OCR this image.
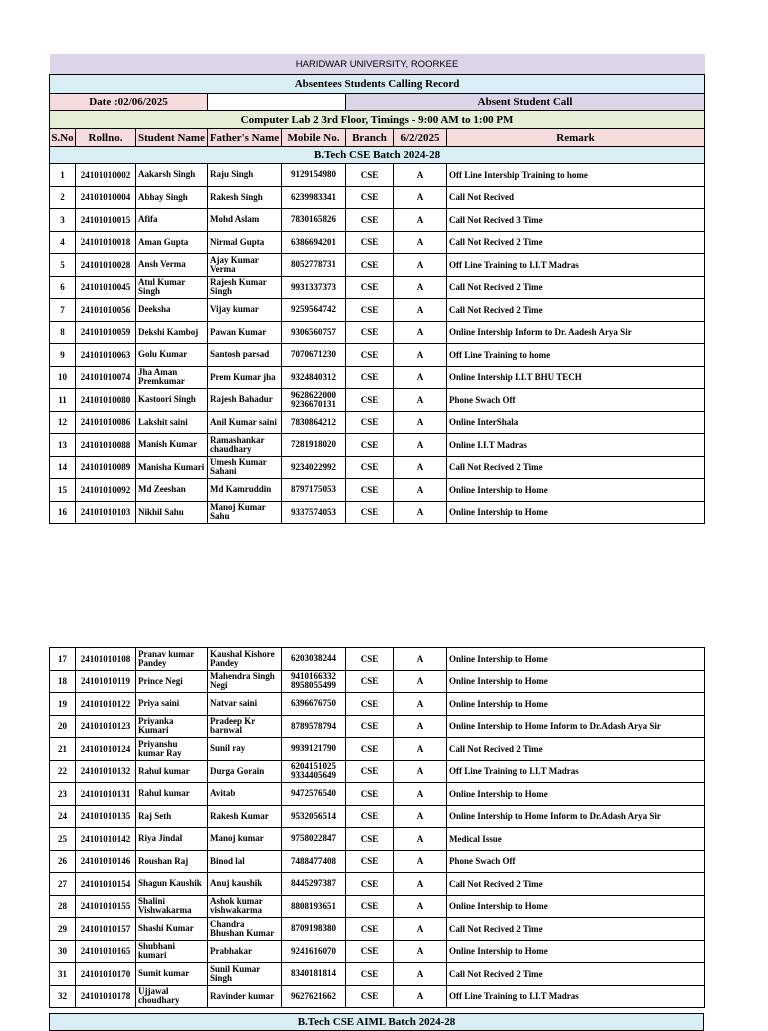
HARIDWAR UNIVERSITY, ROORKEE							
Absentees Students Calling Record							
Date :02/06/2025					Absent Student Call		
Computer Lab 2 3rd Floor, Timings - 9:00 AM to 1:00 PM							
S.No	Rollno.	Student Name	Father's Name	Mobile No.	Branch	6/2/2025	Remark
B.Tech CSE Batch 2024-28							
1	24101010002	Aakarsh Singh	Raju Singh	9129154980	CSE	A	Off Line Intership Training to home
2	24101010004	Abhay Singh	Rakesh Singh	6239983341	CSE	A	Call Not Recived
3	24101010015	Afifa	Mohd Aslam	7830165826	CSE	A	Call Not Recived 3 Time
4	24101010018	Aman Gupta	Nirmal Gupta	6386694201	CSE	A	Call Not Recived 2 Time
5	24101010028	Ansh Verma	Ajay Kumar Verma	8052778731	CSE	A	Off Line Training to I.I.T Madras
6	24101010045	Atul Kumar Singh	Rajesh Kumar Singh	9931337373	CSE	A	Call Not Recived 2 Time
7	24101010056	Deeksha	Vijay kumar	9259564742	CSE	A	Call Not Recived 2 Time
8	24101010059	Dekshi Kamboj	Pawan Kumar	9306560757	CSE	A	Online Intership Inform to Dr. Aadesh Arya Sir
9	24101010063	Golu Kumar	Santosh parsad	7070671230	CSE	A	Off Line Training to home
10	24101010074	Jha Aman Premkumar	Prem Kumar jha	9324840312	CSE	A	Online Intership I.I.T BHU TECH
11	24101010080	Kastoori Singh	Rajesh Bahadur	9628622000 9236670131	CSE	A	Phone Swach Off
12	24101010086	Lakshit saini	Anil Kumar saini	7830864212	CSE	A	Online InterShala
13	24101010088	Manish Kumar	Ramashankar chaudhary	7281918020	CSE	A	Online I.I.T Madras
14	24101010089	Manisha Kumari	Umesh Kumar Sahani	9234022992	CSE	A	Call Not Recived 2 Time
15	24101010092	Md Zeeshan	Md Kamruddin	8797175053	CSE	A	Online Intership to Home
16	24101010103	Nikhil Sahu	Manoj Kumar Sahu	9337574053	CSE	A	Online Intership to Home
17	24101010108	Pranav kumar Pandey	Kaushal Kishore Pandey	6203038244	CSE	A	Online Intership to Home
18	24101010119	Prince Negi	Mahendra Singh Negi	9410166332 8958055499	CSE	A	Online Intership to Home
19	24101010122	Priya saini	Natvar saini	6396676750	CSE	A	Online Intership to Home
20	24101010123	Priyanka Kumari	Pradeep Kr barnwal	8789578794	CSE	A	Online Intership to Home Inform to Dr.Adash Arya Sir
21	24101010124	Priyanshu kumar Ray	Sunil ray	9939121790	CSE	A	Call Not Recived 2 Time
22	24101010132	Rahul kumar	Durga Gorain	6204151025 9334405649	CSE	A	Off Line Training to I.I.T Madras
23	24101010131	Rahul kumar	Avitab	9472576540	CSE	A	Online Intership to Home
24	24101010135	Raj Seth	Rakesh Kumar	9532056514	CSE	A	Online Intership to Home Inform to Dr.Adash Arya Sir
25	24101010142	Riya Jindal	Manoj kumar	9758022847	CSE	A	Medical Issue
26	24101010146	Roushan Raj	Binod lal	7488477408	CSE	A	Phone Swach Off
27	24101010154	Shagun Kaushik	Anuj kaushik	8445297387	CSE	A	Call Not Recived 2 Time
28	24101010155	Shalini Vishwakarma	Ashok kumar vishwakarma	8808193651	CSE	A	Online Intership to Home
29	24101010157	Shashi Kumar	Chandra Bhushan Kumar	8709198380	CSE	A	Call Not Recived 2 Time
30	24101010165	Shubhani kumari	Prabhakar	9241616070	CSE	A	Online Intership to Home
31	24101010170	Sumit kumar	Sunil Kumar Singh	8340181814	CSE	A	Call Not Recived 2 Time
32	24101010178	Ujjawal choudhary	Ravinder kumar	9627621662	CSE	A	Off Line Training to I.I.T Madras
B.Tech CSE AIML Batch 2024-28
